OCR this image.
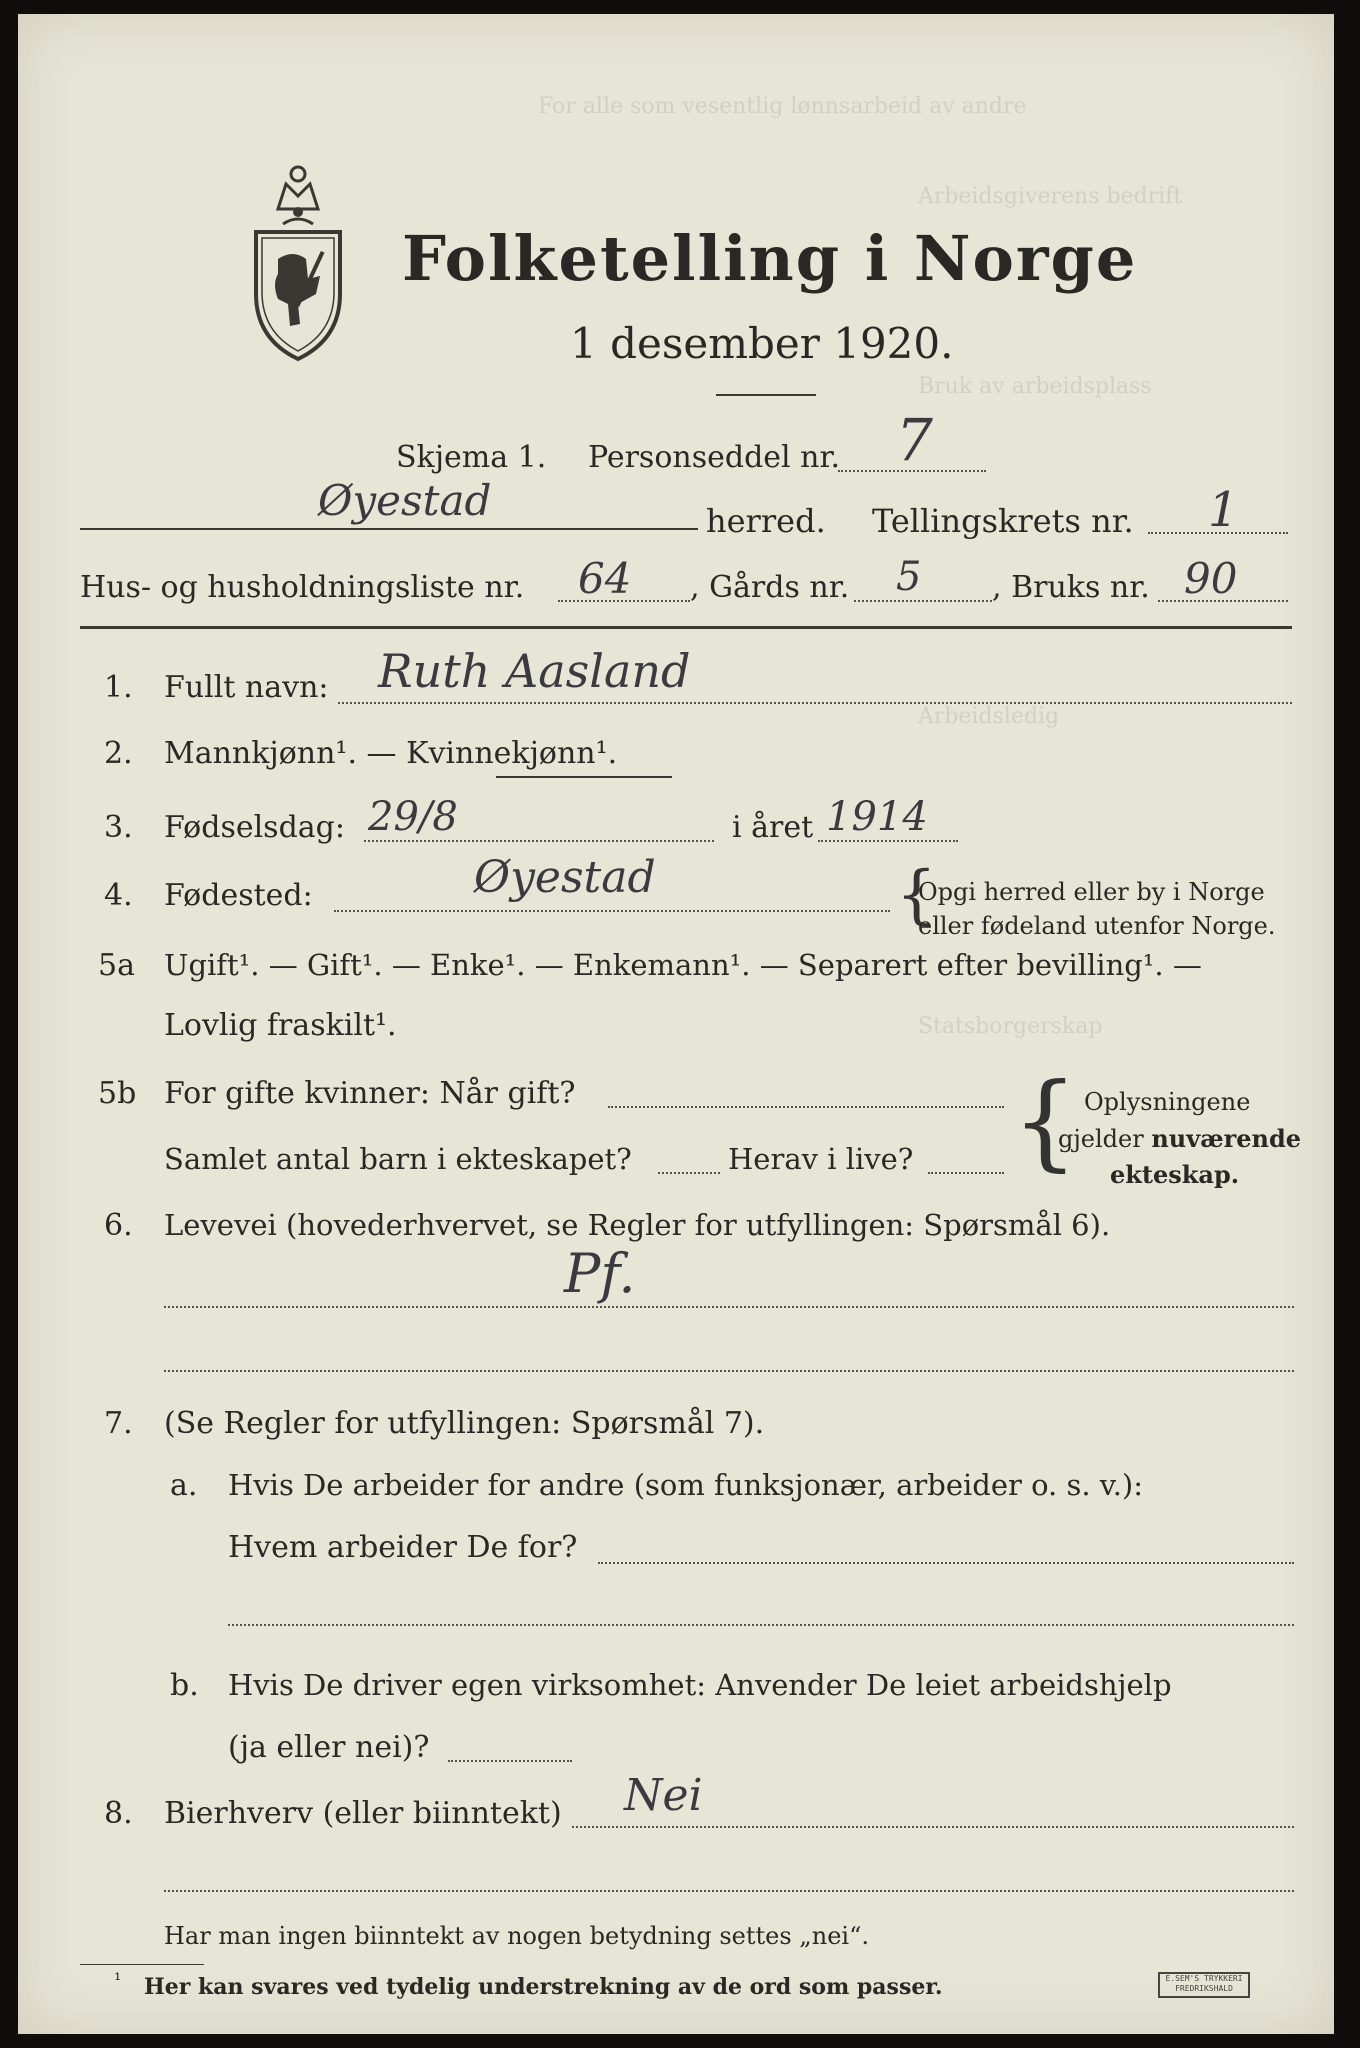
For alle som vesentlig lønnsarbeid av andre
Arbeidsgiverens bedrift
Bruk av arbeidsplass
Arbeidsledig
Statsborgerskap
Folketelling i Norge
1 desember 1920.
Skjema 1. Personseddel nr. 7
Øyestad	herred. Tellingskrets nr. 1
Hus- og husholdningsliste nr. 64 , Gårds nr. 5 , Bruks nr. 90
1. Fullt navn: Ruth Aasland
2. Mannkjønn¹. — Kvinnekjønn¹.
3. Fødselsdag: 29/8	i året 1914
4. Fødested:	Øyestad	{
Opgi herred eller by i Norge
eller fødeland utenfor Norge.
5a Ugift¹. — Gift¹. — Enke¹. — Enkemann¹. — Separert efter bevilling¹. —
Lovlig fraskilt¹.
5b For gifte kvinner: Når gift?
Samlet antal barn i ekteskapet?	Herav i live? { Oplysningene
gjelder nuværende
ekteskap.
6. Levevei (hovederhvervet, se Regler for utfyllingen: Spørsmål 6).
Pf.
7. (Se Regler for utfyllingen: Spørsmål 7).
a. Hvis De arbeider for andre (som funksjonær, arbeider o. s. v.):
Hvem arbeider De for?
b. Hvis De driver egen virksomhet: Anvender De leiet arbeidshjelp
(ja eller nei)?
8. Bierhverv (eller biinntekt) Nei
Har man ingen biinntekt av nogen betydning settes „nei“.
¹ Her kan svares ved tydelig understrekning av de ord som passer.	E.SEM'S TRYKKERI FREDRIKSHALD
